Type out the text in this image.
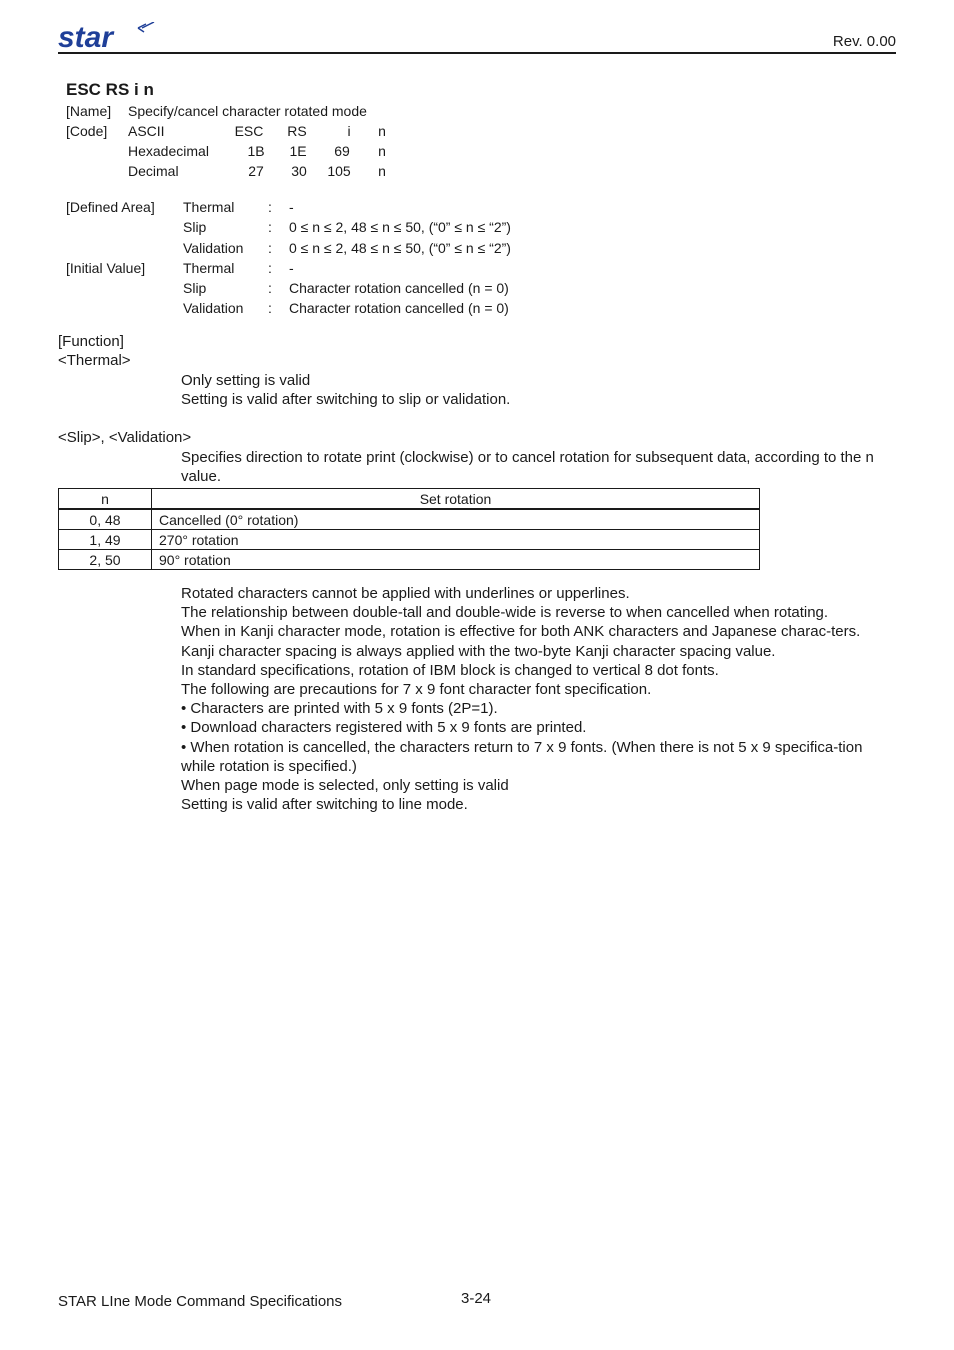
star	Rev. 0.00
ESC RS i n
[Name] Specify/cancel character rotated mode
[Code] ASCII	ESC	RS	i	n
Hexadecimal	1B	1E	69	n
Decimal	27	30	105	n
[Defined Area] Thermal : -
Slip	: 0 ≤ n ≤ 2, 48 ≤ n ≤ 50, (“0” ≤ n ≤ “2”)
Validation : 0 ≤ n ≤ 2, 48 ≤ n ≤ 50, (“0” ≤ n ≤ “2”)
[Initial Value]	Thermal : -
Slip	: Character rotation cancelled (n = 0)
Validation : Character rotation cancelled (n = 0)
[Function]
<Thermal>
Only setting is valid
Setting is valid after switching to slip or validation.
<Slip>, <Validation>
Specifies direction to rotate print (clockwise) or to cancel rotation for subsequent data, according to the n value.
n	Set rotation
0, 48	Cancelled (0° rotation)
1, 49	270° rotation
2, 50	90° rotation
Rotated characters cannot be applied with underlines or upperlines.
The relationship between double-tall and double-wide is reverse to when cancelled when rotating.
When in Kanji character mode, rotation is effective for both ANK characters and Japanese charac-ters.
Kanji character spacing is always applied with the two-byte Kanji character spacing value.
In standard specifications, rotation of IBM block is changed to vertical 8 dot fonts.
The following are precautions for 7 x 9 font character font specification.
• Characters are printed with 5 x 9 fonts (2P=1).
• Download characters registered with 5 x 9 fonts are printed.
• When rotation is cancelled, the characters return to 7 x 9 fonts. (When there is not 5 x 9 specifica-tion while rotation is specified.)
When page mode is selected, only setting is valid
Setting is valid after switching to line mode.
STAR LIne Mode Command Specifications	3-24
